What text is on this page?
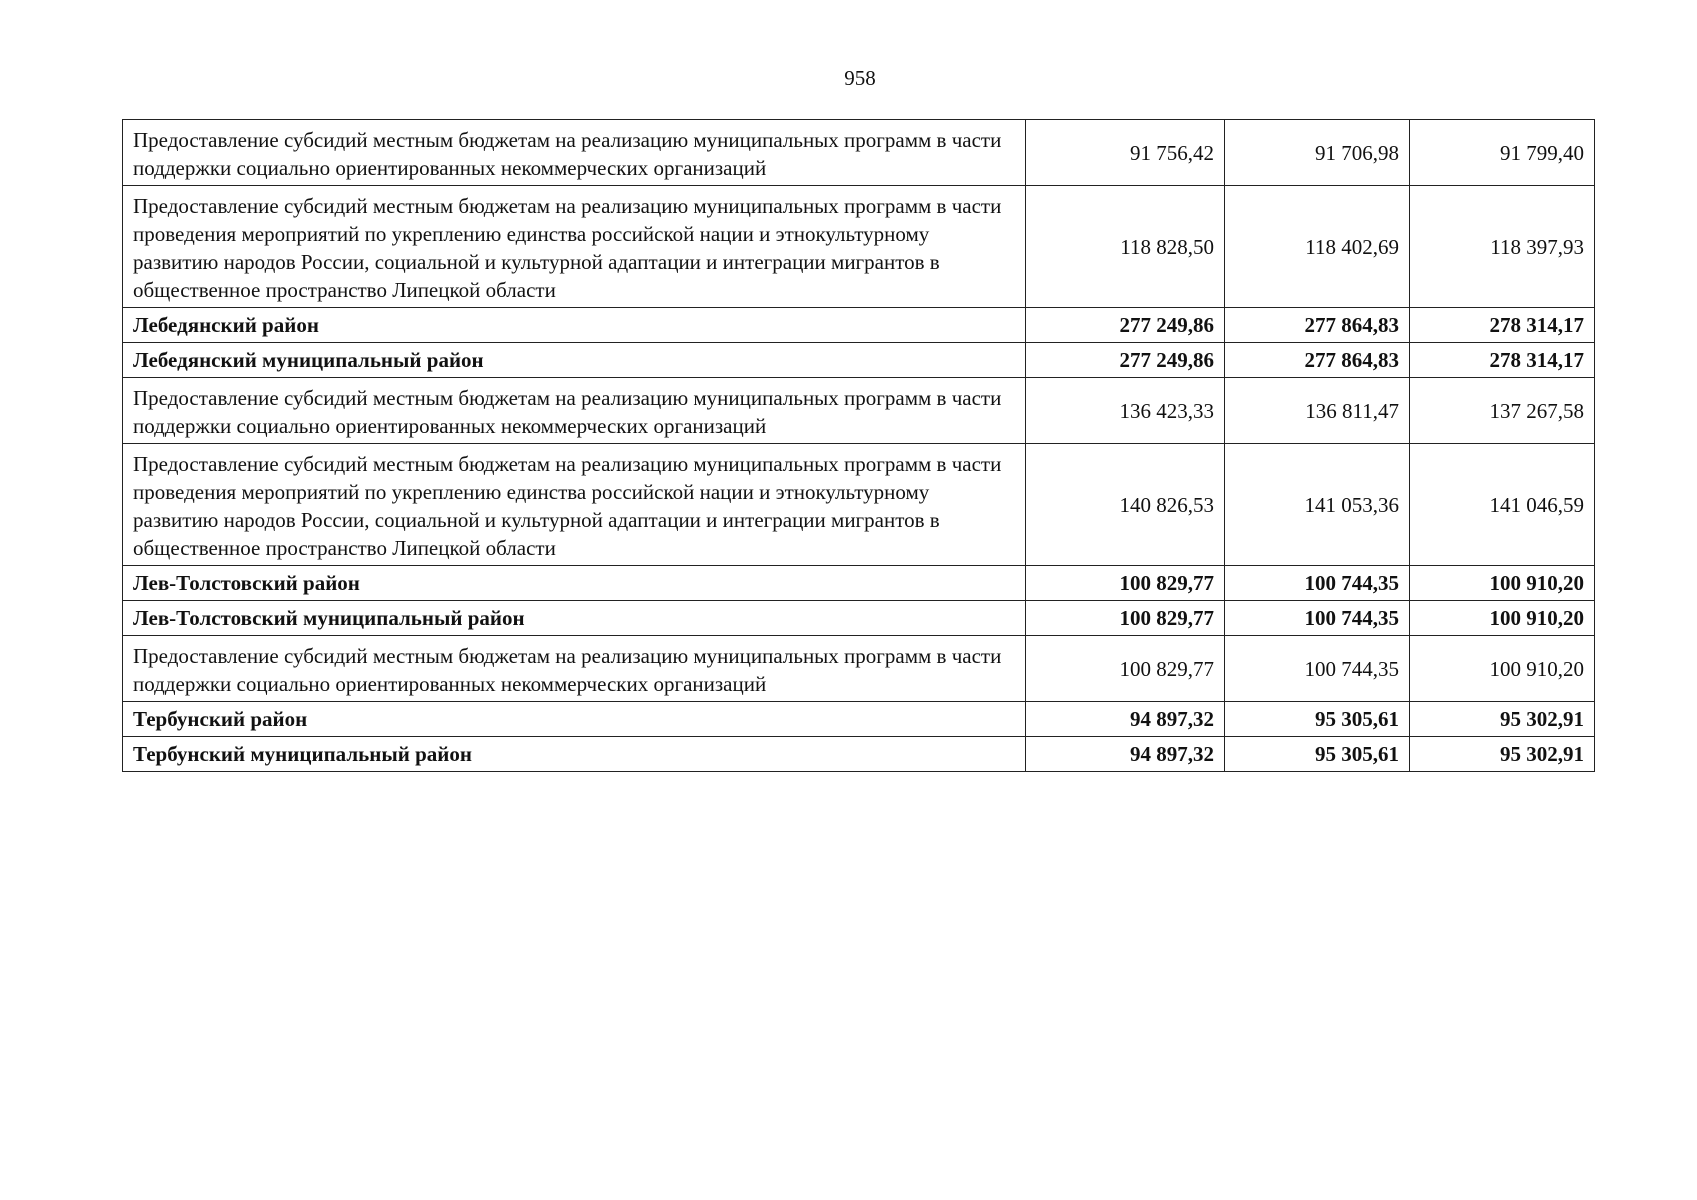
958
Предоставление субсидий местным бюджетам на реализацию муниципальных программ в части поддержки социально ориентированных некоммерческих организаций	91 756,42	91 706,98	91 799,40
Предоставление субсидий местным бюджетам на реализацию муниципальных программ в части проведения мероприятий по укреплению единства российской нации и этнокультурному развитию народов России, социальной и культурной адаптации и интеграции мигрантов в общественное пространство Липецкой области	118 828,50	118 402,69	118 397,93
Лебедянский район	277 249,86	277 864,83	278 314,17
Лебедянский муниципальный район	277 249,86	277 864,83	278 314,17
Предоставление субсидий местным бюджетам на реализацию муниципальных программ в части поддержки социально ориентированных некоммерческих организаций	136 423,33	136 811,47	137 267,58
Предоставление субсидий местным бюджетам на реализацию муниципальных программ в части проведения мероприятий по укреплению единства российской нации и этнокультурному развитию народов России, социальной и культурной адаптации и интеграции мигрантов в общественное пространство Липецкой области	140 826,53	141 053,36	141 046,59
Лев-Толстовский район	100 829,77	100 744,35	100 910,20
Лев-Толстовский муниципальный район	100 829,77	100 744,35	100 910,20
Предоставление субсидий местным бюджетам на реализацию муниципальных программ в части поддержки социально ориентированных некоммерческих организаций	100 829,77	100 744,35	100 910,20
Тербунский район	94 897,32	95 305,61	95 302,91
Тербунский муниципальный район	94 897,32	95 305,61	95 302,91
